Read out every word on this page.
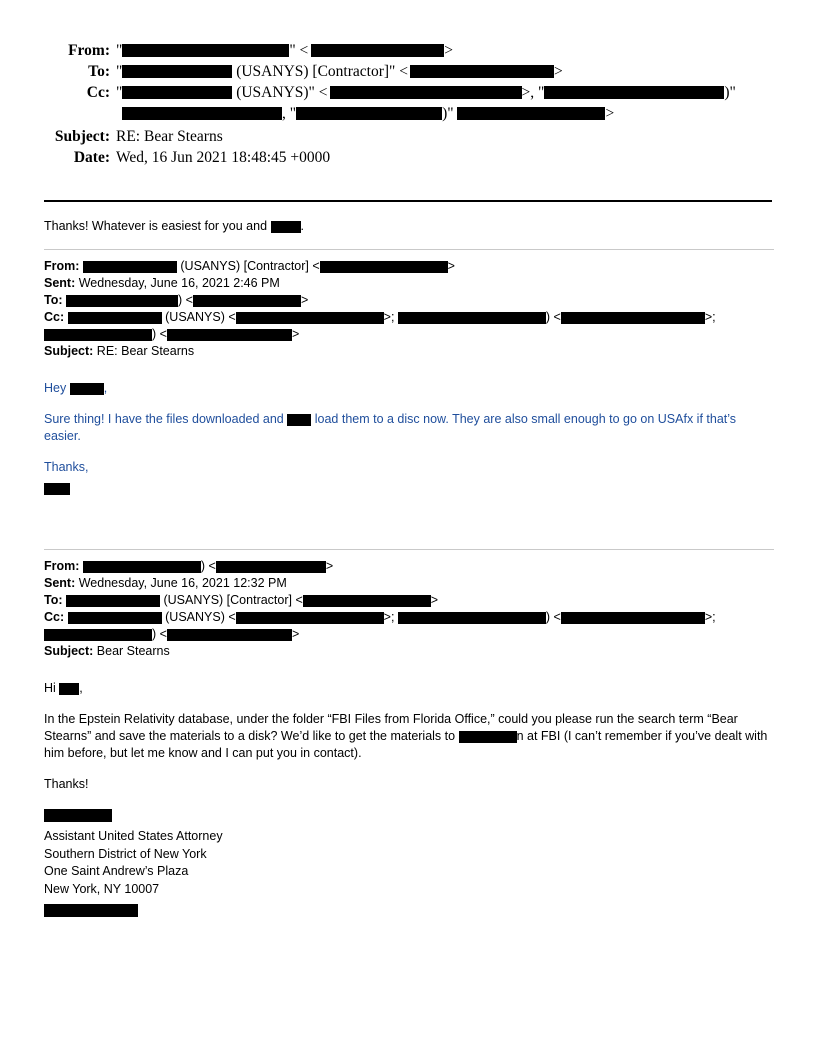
From: "	" <	>
To: "	(USANYS) [Contractor]" <	>
Cc: "	(USANYS)" <	>, "	)"
, "	)"	>
Subject: RE: Bear Stearns
Date: Wed, 16 Jun 2021 18:48:45 +0000

Thanks! Whatever is easiest for you and	.

From:	(USANYS) [Contractor] <	>
Sent: Wednesday, June 16, 2021 2:46 PM
To:	) <	>
Cc:	(USANYS) <	>;	) <	>;
) <	>
Subject: RE: Bear Stearns

Hey	,

Sure thing! I have the files downloaded and load them to a disc now. They are also small enough to go on USAfx if that’s easier.

Thanks,

From:	) <	>
Sent: Wednesday, June 16, 2021 12:32 PM
To:	(USANYS) [Contractor] <	>
Cc:	(USANYS) <	>;	) <	>;
) <	>
Subject: Bear Stearns

Hi ,

In the Epstein Relativity database, under the folder “FBI Files from Florida Office,” could you please run the search term “Bear Stearns” and save the materials to a disk? We’d like to get the materials to	n at FBI (I can’t remember if you’ve dealt with him before, but let me know and I can put you in contact).

Thanks!

Assistant United States Attorney
Southern District of New York
One Saint Andrew’s Plaza
New York, NY 10007
